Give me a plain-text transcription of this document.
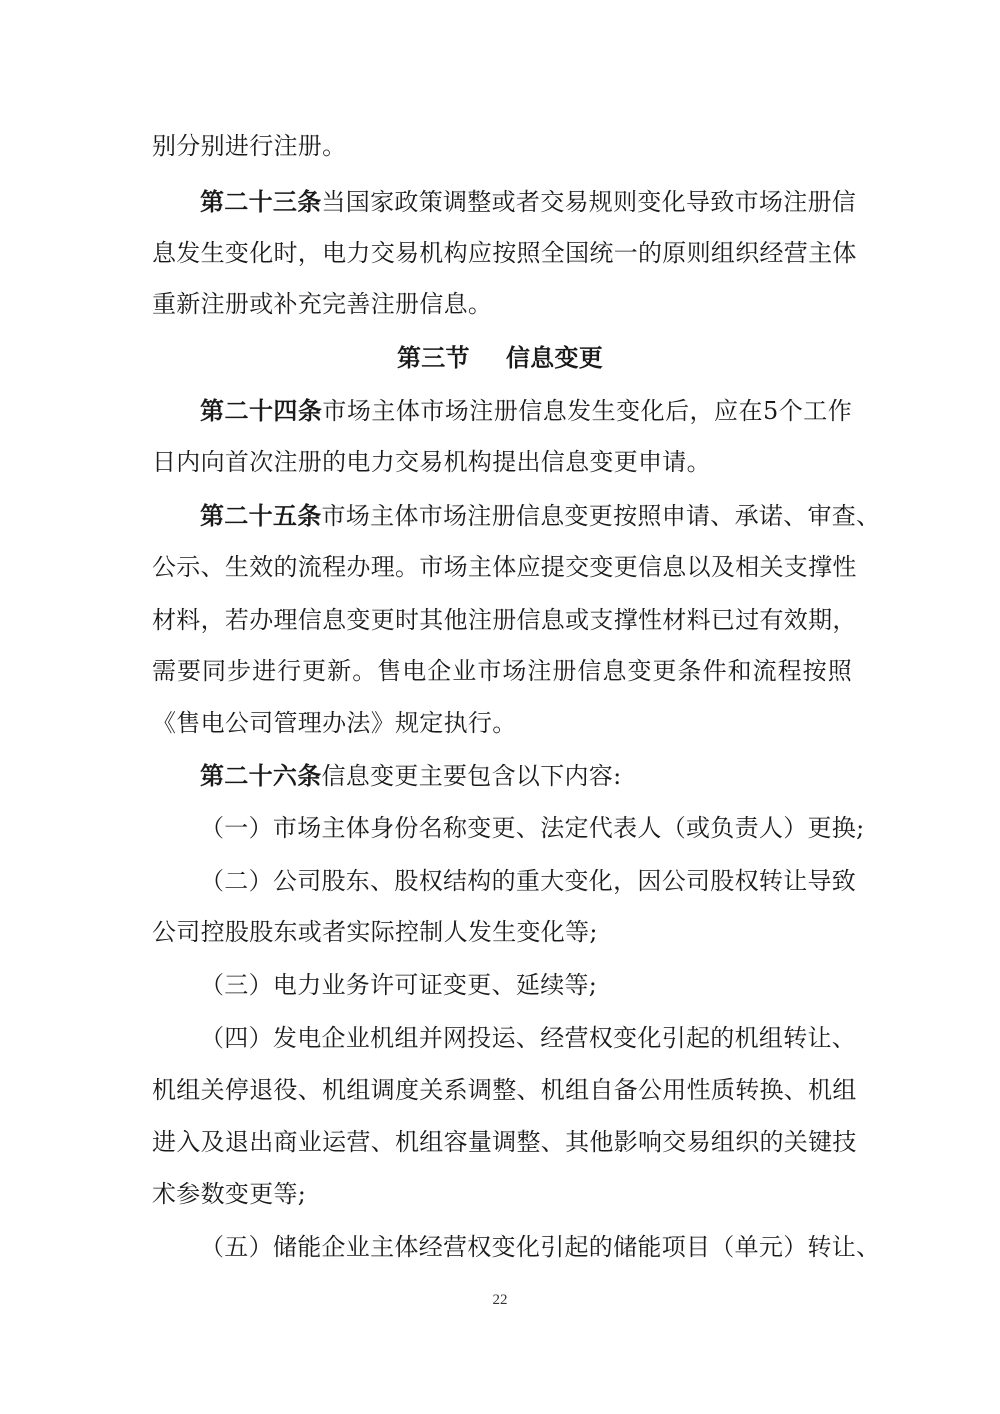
别分别进行注册。
第二十三条当国家政策调整或者交易规则变化导致市场注册信
息发生变化时，电力交易机构应按照全国统一的原则组织经营主体
重新注册或补充完善注册信息。
第三节 信息变更
第二十四条市场主体市场注册信息发生变化后，应在5个工作
日内向首次注册的电力交易机构提出信息变更申请。
第二十五条市场主体市场注册信息变更按照申请、承诺、审查、
公示、生效的流程办理。市场主体应提交变更信息以及相关支撑性
材料，若办理信息变更时其他注册信息或支撑性材料已过有效期，
需要同步进行更新。售电企业市场注册信息变更条件和流程按照
《售电公司管理办法》规定执行。
第二十六条信息变更主要包含以下内容:
（一）市场主体身份名称变更、法定代表人（或负责人）更换;
（二）公司股东、股权结构的重大变化，因公司股权转让导致
公司控股股东或者实际控制人发生变化等;
（三）电力业务许可证变更、延续等;
（四）发电企业机组并网投运、经营权变化引起的机组转让、
机组关停退役、机组调度关系调整、机组自备公用性质转换、机组
进入及退出商业运营、机组容量调整、其他影响交易组织的关键技
术参数变更等;
（五）储能企业主体经营权变化引起的储能项目（单元）转让、
22
